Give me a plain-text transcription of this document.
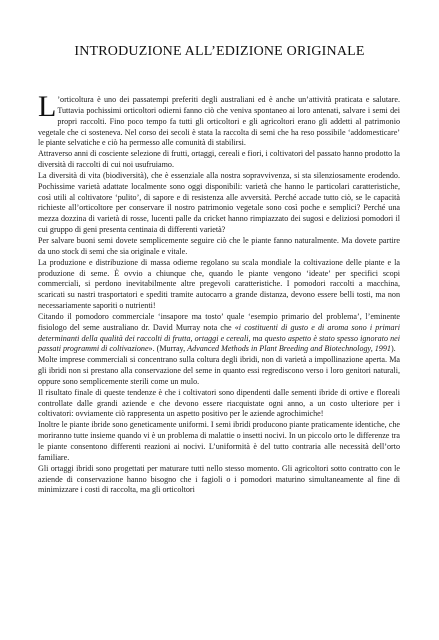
INTRODUZIONE ALL’EDIZIONE ORIGINALE

L ’orticoltura è uno dei passatempi preferiti degli australiani ed è anche un’attività praticata e salutare. Tuttavia pochissimi orticoltori odierni fanno ciò che veniva spontaneo ai loro antenati, salvare i semi dei propri raccolti. Fino poco tempo fa tutti gli orticoltori e gli agricoltori erano gli addetti al patrimonio vegetale che ci sosteneva. Nel corso dei secoli è stata la raccolta di semi che ha reso possibile ‘addomesticare’ le piante selvatiche e ciò ha permesso alle comunità di stabilirsi.

Attraverso anni di cosciente selezione di frutti, ortaggi, cereali e fiori, i coltivatori del passato hanno prodotto la diversità di raccolti di cui noi usufruiamo.

La diversità di vita (biodiversità), che è essenziale alla nostra sopravvivenza, si sta silenziosamente erodendo. Pochissime varietà adattate localmente sono oggi disponibili: varietà che hanno le particolari caratteristiche, così utili al coltivatore ‘pulito’, di sapore e di resistenza alle avversità. Perché accade tutto ciò, se le capacità richieste all’orticoltore per conservare il nostro patrimonio vegetale sono così poche e semplici? Perché una mezza dozzina di varietà di rosse, lucenti palle da cricket hanno rimpiazzato dei sugosi e deliziosi pomodori il cui gruppo di geni presenta centinaia di differenti varietà?

Per salvare buoni semi dovete semplicemente seguire ciò che le piante fanno naturalmente. Ma dovete partire da uno stock di semi che sia originale e vitale.

La produzione e distribuzione di massa odierne regolano su scala mondiale la coltivazione delle piante e la produzione di seme. È ovvio a chiunque che, quando le piante vengono ‘ideate’ per specifici scopi commerciali, si perdono inevitabilmente altre pregevoli caratteristiche. I pomodori raccolti a macchina, scaricati su nastri trasportatori e spediti tramite autocarro a grande distanza, devono essere belli tosti, ma non necessariamente saporiti o nutrienti!

Citando il pomodoro commerciale ‘insapore ma tosto’ quale ‘esempio primario del problema’, l’eminente fisiologo del seme australiano dr. David Murray nota che «i costituenti di gusto e di aroma sono i primari determinanti della qualità dei raccolti di frutta, ortaggi e cereali, ma questo aspetto è stato spesso ignorato nei passati programmi di coltivazione». (Murray, Advanced Methods in Plant Breeding and Biotechnology, 1991).

Molte imprese commerciali si concentrano sulla coltura degli ibridi, non di varietà a impollinazione aperta. Ma gli ibridi non si prestano alla conservazione del seme in quanto essi regrediscono verso i loro genitori naturali, oppure sono semplicemente sterili come un mulo.

Il risultato finale di queste tendenze è che i coltivatori sono dipendenti dalle sementi ibride di ortive e floreali controllate dalle grandi aziende e che devono essere riacquistate ogni anno, a un costo ulteriore per i coltivatori: ovviamente ciò rappresenta un aspetto positivo per le aziende agrochimiche!

Inoltre le piante ibride sono geneticamente uniformi. I semi ibridi producono piante praticamente identiche, che moriranno tutte insieme quando vi è un problema di malattie o insetti nocivi. In un piccolo orto le differenze tra le piante consentono differenti reazioni ai nocivi. L’uniformità è del tutto contraria alle necessità dell’orto familiare.

Gli ortaggi ibridi sono progettati per maturare tutti nello stesso momento. Gli agricoltori sotto contratto con le aziende di conservazione hanno bisogno che i fagioli o i pomodori maturino simultaneamente al fine di minimizzare i costi di raccolta, ma gli orticoltori
